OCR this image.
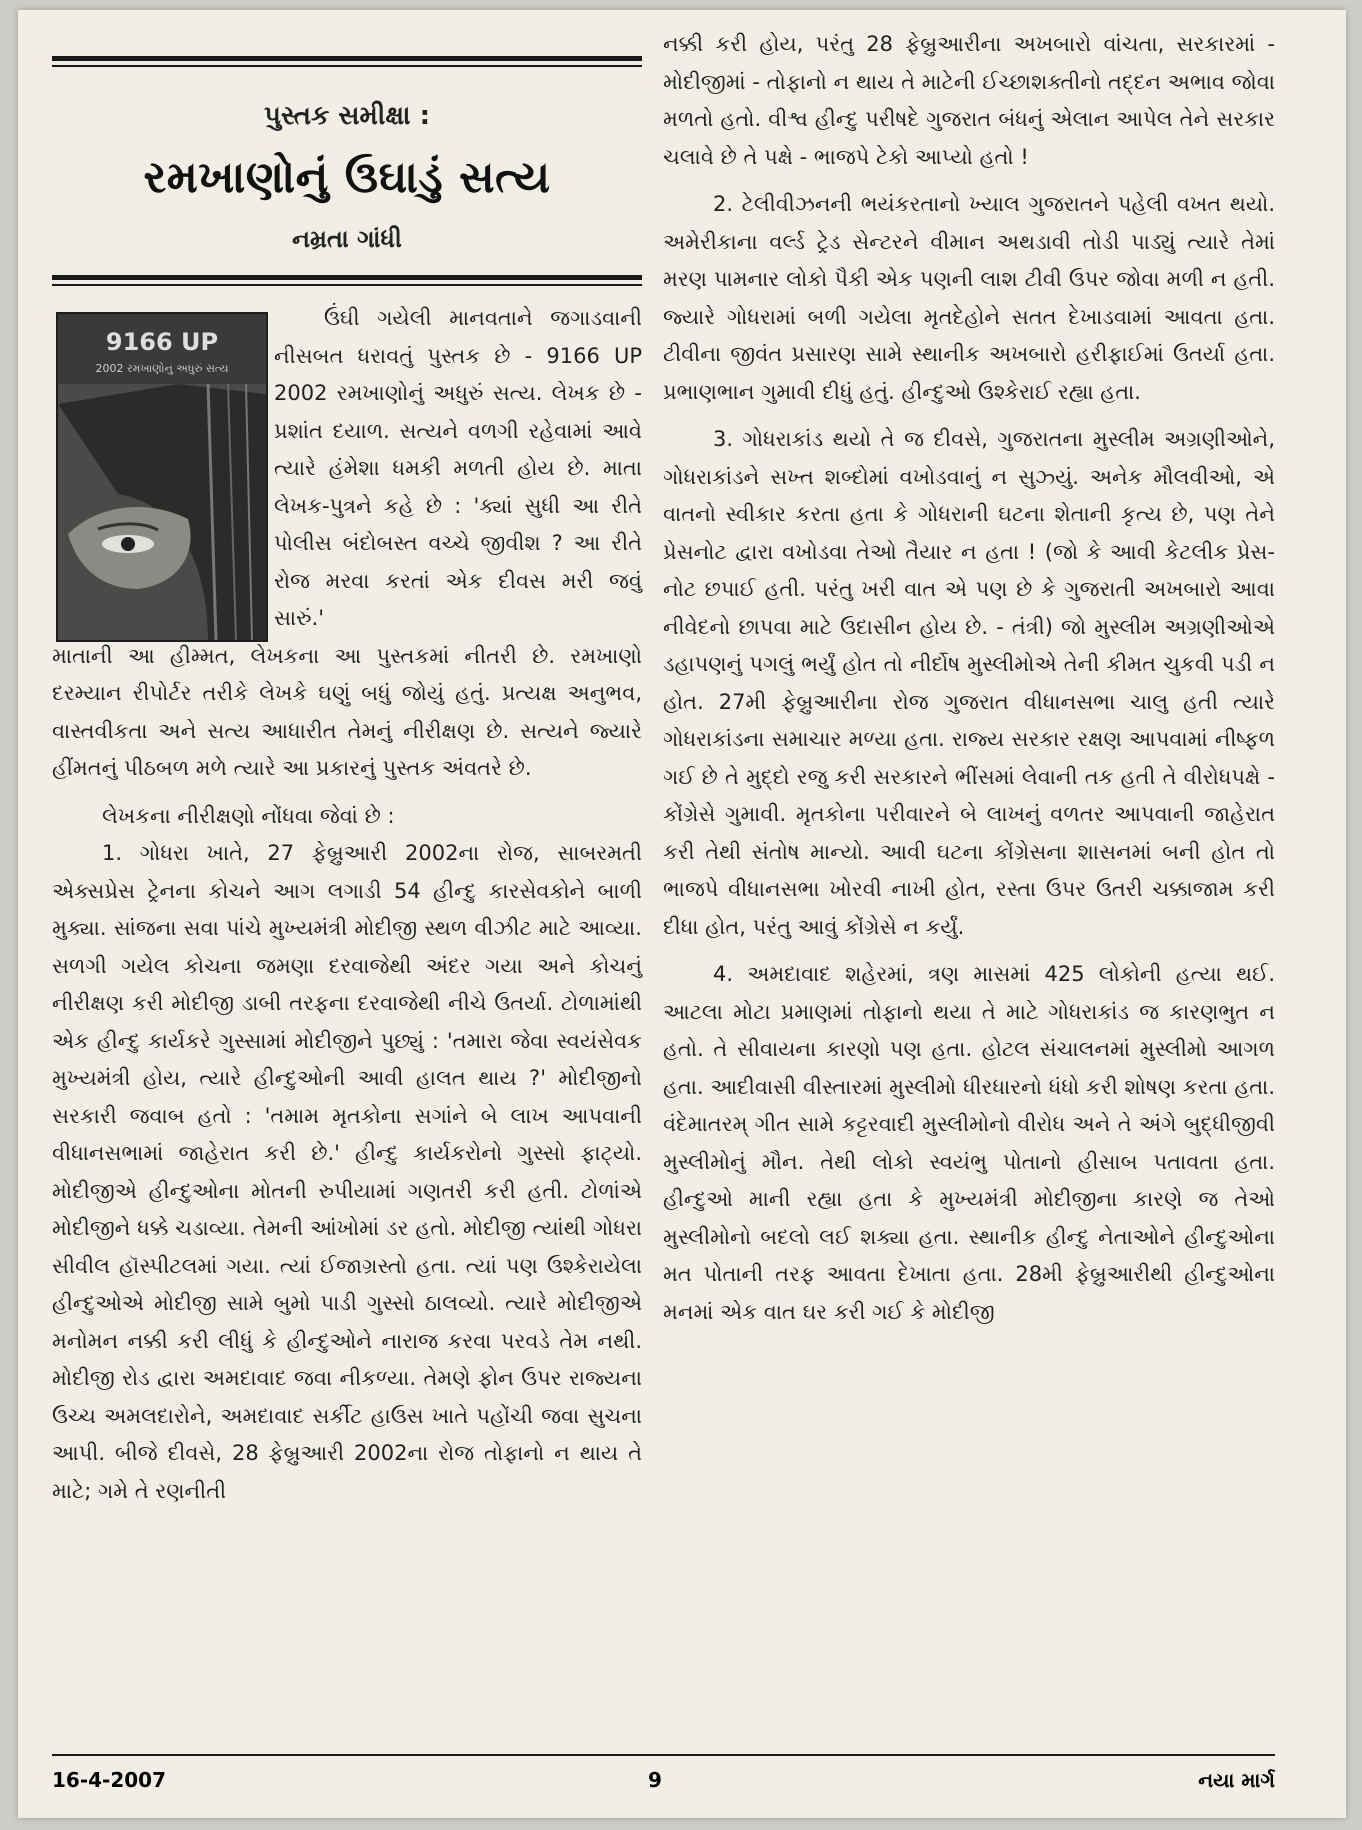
પુસ્તક સમીક્ષા :
રમખાણોનું ઉઘાડું સત્ય
નમ્રતા ગાંધી
9166 UP
2002 રમખાણોનું અધુરું સત્ય

ઉંઘી ગયેલી માનવતાને જગાડવાની નીસબત ધરાવતું પુસ્તક છે - 9166 UP 2002 રમખાણોનું અધુરું સત્ય. લેખક છે - પ્રશાંત દયાળ. સત્યને વળગી રહેવામાં આવે ત્યારે હંમેશા ધમકી મળતી હોય છે. માતા લેખક-પુત્રને કહે છે : 'ક્યાં સુધી આ રીતે પોલીસ બંદોબસ્ત વચ્ચે જીવીશ ? આ રીતે રોજ મરવા કરતાં એક દીવસ મરી જવું સારું.'

માતાની આ હીમ્મત, લેખકના આ પુસ્તકમાં નીતરી છે. રમખાણો દરમ્યાન રીપોર્ટર તરીકે લેખકે ઘણું બધું જોયું હતું. પ્રત્યક્ષ અનુભવ, વાસ્તવીકતા અને સત્ય આધારીત તેમનું નીરીક્ષણ છે. સત્યને જ્યારે હીંમતનું પીઠબળ મળે ત્યારે આ પ્રકારનું પુસ્તક અંવતરે છે.

લેખકના નીરીક્ષણો નોંધવા જેવાં છે :

1. ગોધરા ખાતે, 27 ફેબ્રુઆરી 2002ના રોજ, સાબરમતી એક્સપ્રેસ ટ્રેનના કોચને આગ લગાડી 54 હીન્દુ કારસેવકોને બાળી મુક્યા. સાંજના સવા પાંચે મુખ્યમંત્રી મોદીજી સ્થળ વીઝીટ માટે આવ્યા. સળગી ગયેલ કોચના જમણા દરવાજેથી અંદર ગયા અને કોચનું નીરીક્ષણ કરી મોદીજી ડાબી તરફના દરવાજેથી નીચે ઉતર્યા. ટોળામાંથી એક હીન્દુ કાર્યકરે ગુસ્સામાં મોદીજીને પુછ્યું : 'તમારા જેવા સ્વયંસેવક મુખ્યમંત્રી હોય, ત્યારે હીન્દુઓની આવી હાલત થાય ?' મોદીજીનો સરકારી જવાબ હતો : 'તમામ મૃતકોના સગાંને બે લાખ આપવાની વીધાનસભામાં જાહેરાત કરી છે.' હીન્દુ કાર્યકરોનો ગુસ્સો ફાટ્યો. મોદીજીએ હીન્દુઓના મોતની રુપીયામાં ગણતરી કરી હતી. ટોળાંએ મોદીજીને ધક્કે ચડાવ્યા. તેમની આંખોમાં ડર હતો. મોદીજી ત્યાંથી ગોધરા સીવીલ હૉસ્પીટલમાં ગયા. ત્યાં ઈજાગ્રસ્તો હતા. ત્યાં પણ ઉશ્કેરાયેલા હીન્દુઓએ મોદીજી સામે બુમો પાડી ગુસ્સો ઠાલવ્યો. ત્યારે મોદીજીએ મનોમન નક્કી કરી લીધું કે હીન્દુઓને નારાજ કરવા પરવડે તેમ નથી. મોદીજી રોડ દ્વારા અમદાવાદ જવા નીકળ્યા. તેમણે ફોન ઉપર રાજ્યના ઉચ્ચ અમલદારોને, અમદાવાદ સર્કીટ હાઉસ ખાતે પહોંચી જવા સુચના આપી. બીજે દીવસે, 28 ફેબ્રુઆરી 2002ના રોજ તોફાનો ન થાય તે માટે; ગમે તે રણનીતી

નક્કી કરી હોય, પરંતુ 28 ફેબ્રુઆરીના અખબારો વાંચતા, સરકારમાં - મોદીજીમાં - તોફાનો ન થાય તે માટેની ઈચ્છાશક્તીનો તદ્દન અભાવ જોવા મળતો હતો. વીશ્વ હીન્દુ પરીષદે ગુજરાત બંધનું એલાન આપેલ તેને સરકાર ચલાવે છે તે પક્ષે - ભાજપે ટેકો આપ્યો હતો !

2. ટેલીવીઝનની ભયંકરતાનો ખ્યાલ ગુજરાતને પહેલી વખત થયો. અમેરીકાના વર્લ્ડ ટ્રેડ સેન્ટરને વીમાન અથડાવી તોડી પાડ્યું ત્યારે તેમાં મરણ પામનાર લોકો પૈકી એક પણની લાશ ટીવી ઉપર જોવા મળી ન હતી. જ્યારે ગોધરામાં બળી ગયેલા મૃતદેહોને સતત દેખાડવામાં આવતા હતા. ટીવીના જીવંત પ્રસારણ સામે સ્થાનીક અખબારો હરીફાઈમાં ઉતર્યા હતા. પ્રભાણભાન ગુમાવી દીધું હતું. હીન્દુઓ ઉશ્કેરાઈ રહ્યા હતા.

3. ગોધરાકાંડ થયો તે જ દીવસે, ગુજરાતના મુસ્લીમ અગ્રણીઓને, ગોધરાકાંડને સખ્ત શબ્દોમાં વખોડવાનું ન સુઝ્યું. અનેક મૌલવીઓ, એ વાતનો સ્વીકાર કરતા હતા કે ગોધરાની ઘટના શેતાની કૃત્ય છે, પણ તેને પ્રેસનોટ દ્વારા વખોડવા તેઓ તૈયાર ન હતા ! (જો કે આવી કેટલીક પ્રેસ-નોટ છપાઈ હતી. પરંતુ ખરી વાત એ પણ છે કે ગુજરાતી અખબારો આવા નીવેદનો છાપવા માટે ઉદાસીન હોય છે. - તંત્રી) જો મુસ્લીમ અગ્રણીઓએ ડહાપણનું પગલું ભર્યું હોત તો નીર્દોષ મુસ્લીમોએ તેની કીમત ચુકવી પડી ન હોત. 27મી ફેબ્રુઆરીના રોજ ગુજરાત વીધાનસભા ચાલુ હતી ત્યારે ગોધરાકાંડના સમાચાર મળ્યા હતા. રાજ્ય સરકાર રક્ષણ આપવામાં નીષ્ફળ ગઈ છે તે મુદ્દો રજુ કરી સરકારને ભીંસમાં લેવાની તક હતી તે વીરોધપક્ષે - કોંગ્રેસે ગુમાવી. મૃતકોના પરીવારને બે લાખનું વળતર આપવાની જાહેરાત કરી તેથી સંતોષ માન્યો. આવી ઘટના કોંગ્રેસના શાસનમાં બની હોત તો ભાજપે વીધાનસભા ખોરવી નાખી હોત, રસ્તા ઉપર ઉતરી ચક્કાજામ કરી દીધા હોત, પરંતુ આવું કોંગ્રેસે ન કર્યું.

4. અમદાવાદ શહેરમાં, ત્રણ માસમાં 425 લોકોની હત્યા થઈ. આટલા મોટા પ્રમાણમાં તોફાનો થયા તે માટે ગોધરાકાંડ જ કારણભુત ન હતો. તે સીવાયના કારણો પણ હતા. હોટલ સંચાલનમાં મુસ્લીમો આગળ હતા. આદીવાસી વીસ્તારમાં મુસ્લીમો ધીરધારનો ધંધો કરી શોષણ કરતા હતા. વંદેમાતરમ્ ગીત સામે કટ્ટરવાદી મુસ્લીમોનો વીરોધ અને તે અંગે બુદ્ધીજીવી મુસ્લીમોનું મૌન. તેથી લોકો સ્વયંભુ પોતાનો હીસાબ પતાવતા હતા. હીન્દુઓ માની રહ્યા હતા કે મુખ્યમંત્રી મોદીજીના કારણે જ તેઓ મુસ્લીમોનો બદલો લઈ શક્યા હતા. સ્થાનીક હીન્દુ નેતાઓને હીન્દુઓના મત પોતાની તરફ આવતા દેખાતા હતા. 28મી ફેબ્રુઆરીથી હીન્દુઓના મનમાં એક વાત ઘર કરી ગઈ કે મોદીજી

16-4-2007	9	નયા માર્ગ
